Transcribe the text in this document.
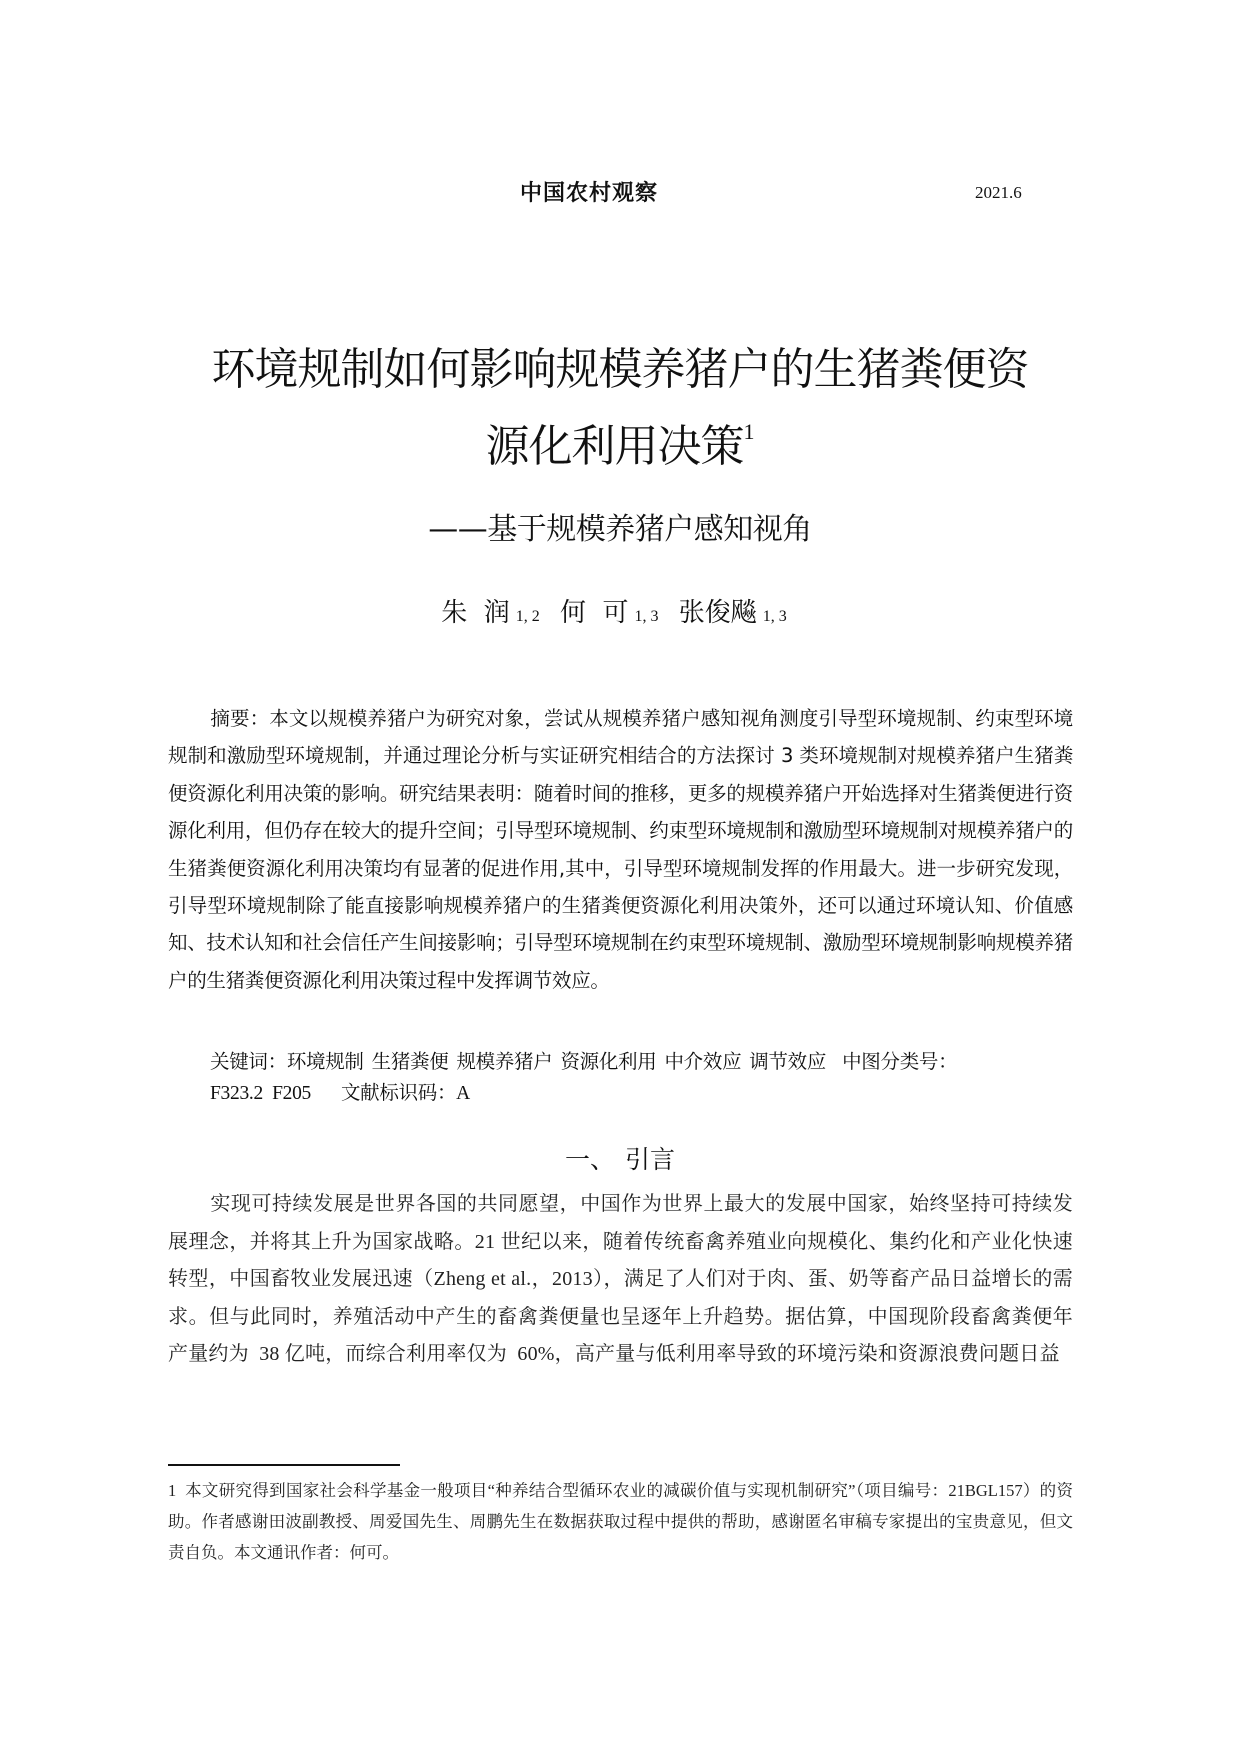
中国农村观察	2021.6
环境规制如何影响规模养猪户的生猪粪便资
源化利用决策$^1$
——基于规模养猪户感知视角
朱  润 1, 2 何  可 1, 3 张俊飚 1, 3
摘要：本文以规模养猪户为研究对象，尝试从规模养猪户感知视角测度引导型环境规制、约束型环境规制和激励型环境规制，并通过理论分析与实证研究相结合的方法探讨 3 类环境规制对规模养猪户生猪粪便资源化利用决策的影响。研究结果表明：随着时间的推移，更多的规模养猪户开始选择对生猪粪便进行资源化利用，但仍存在较大的提升空间；引导型环境规制、约束型环境规制和激励型环境规制对规模养猪户的生猪粪便资源化利用决策均有显著的促进作用,其中，引导型环境规制发挥的作用最大。进一步研究发现，引导型环境规制除了能直接影响规模养猪户的生猪粪便资源化利用决策外，还可以通过环境认知、价值感知、技术认知和社会信任产生间接影响；引导型环境规制在约束型环境规制、激励型环境规制影响规模养猪户的生猪粪便资源化利用决策过程中发挥调节效应。
关键词：环境规制 生猪粪便 规模养猪户 资源化利用 中介效应 调节效应 中图分类号：
F323.2  F205 文献标识码：A
一、 引言
实现可持续发展是世界各国的共同愿望，中国作为世界上最大的发展中国家，始终坚持可持续发展理念，并将其上升为国家战略。21 世纪以来，随着传统畜禽养殖业向规模化、集约化和产业化快速转型，中国畜牧业发展迅速（Zheng et al.，2013），满足了人们对于肉、蛋、奶等畜产品日益增长的需求。但与此同时，养殖活动中产生的畜禽粪便量也呈逐年上升趋势。据估算，中国现阶段畜禽粪便年产量约为  38 亿吨，而综合利用率仅为  60%，高产量与低利用率导致的环境污染和资源浪费问题日益
1  本文研究得到国家社会科学基金一般项目“种养结合型循环农业的减碳价值与实现机制研究”（项目编号：21BGL157）的资助。作者感谢田波副教授、周爱国先生、周鹏先生在数据获取过程中提供的帮助，感谢匿名审稿专家提出的宝贵意见，但文责自负。本文通讯作者：何可。
